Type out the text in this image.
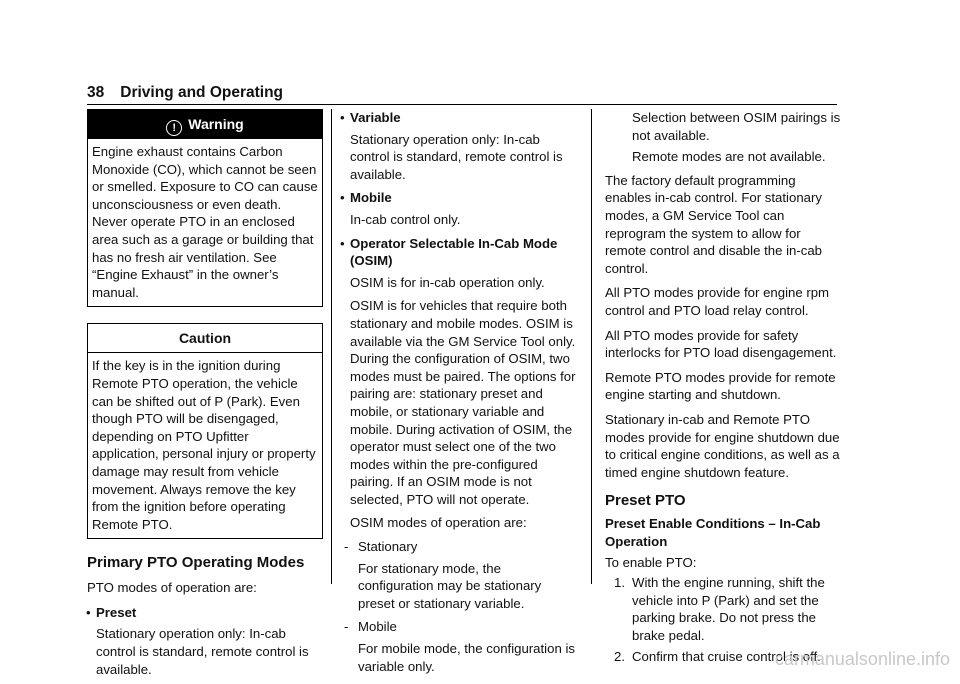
38 Driving and Operating
! Warning
Engine exhaust contains Carbon Monoxide (CO), which cannot be seen or smelled. Exposure to CO can cause unconsciousness or even death. Never operate PTO in an enclosed area such as a garage or building that has no fresh air ventilation. See “Engine Exhaust” in the owner’s manual.
Caution
If the key is in the ignition during Remote PTO operation, the vehicle can be shifted out of P (Park). Even though PTO will be disengaged, depending on PTO Upfitter application, personal injury or property damage may result from vehicle movement. Always remove the key from the ignition before operating Remote PTO.
Primary PTO Operating Modes

PTO modes of operation are:

• Preset
Stationary operation only: In-cab control is standard, remote control is available.
• Variable
Stationary operation only: In-cab control is standard, remote control is available.
• Mobile
In-cab control only.
• Operator Selectable In-Cab Mode (OSIM)
OSIM is for in-cab operation only.
OSIM is for vehicles that require both stationary and mobile modes. OSIM is available via the GM Service Tool only. During the configuration of OSIM, two modes must be paired. The options for pairing are: stationary preset and mobile, or stationary variable and mobile. During activation of OSIM, the operator must select one of the two modes within the pre-configured pairing. If an OSIM mode is not selected, PTO will not operate.
OSIM modes of operation are:
- Stationary
For stationary mode, the configuration may be stationary preset or stationary variable.
- Mobile
For mobile mode, the configuration is variable only.
Selection between OSIM pairings is not available.
Remote modes are not available.

The factory default programming enables in-cab control. For stationary modes, a GM Service Tool can reprogram the system to allow for remote control and disable the in-cab control.

All PTO modes provide for engine rpm control and PTO load relay control.

All PTO modes provide for safety interlocks for PTO load disengagement.

Remote PTO modes provide for remote engine starting and shutdown.

Stationary in-cab and Remote PTO modes provide for engine shutdown due to critical engine conditions, as well as a timed engine shutdown feature.

Preset PTO
Preset Enable Conditions – In-Cab Operation
To enable PTO:
1. With the engine running, shift the vehicle into P (Park) and set the parking brake. Do not press the brake pedal.
2. Confirm that cruise control is off.
carmanualsonline.info
